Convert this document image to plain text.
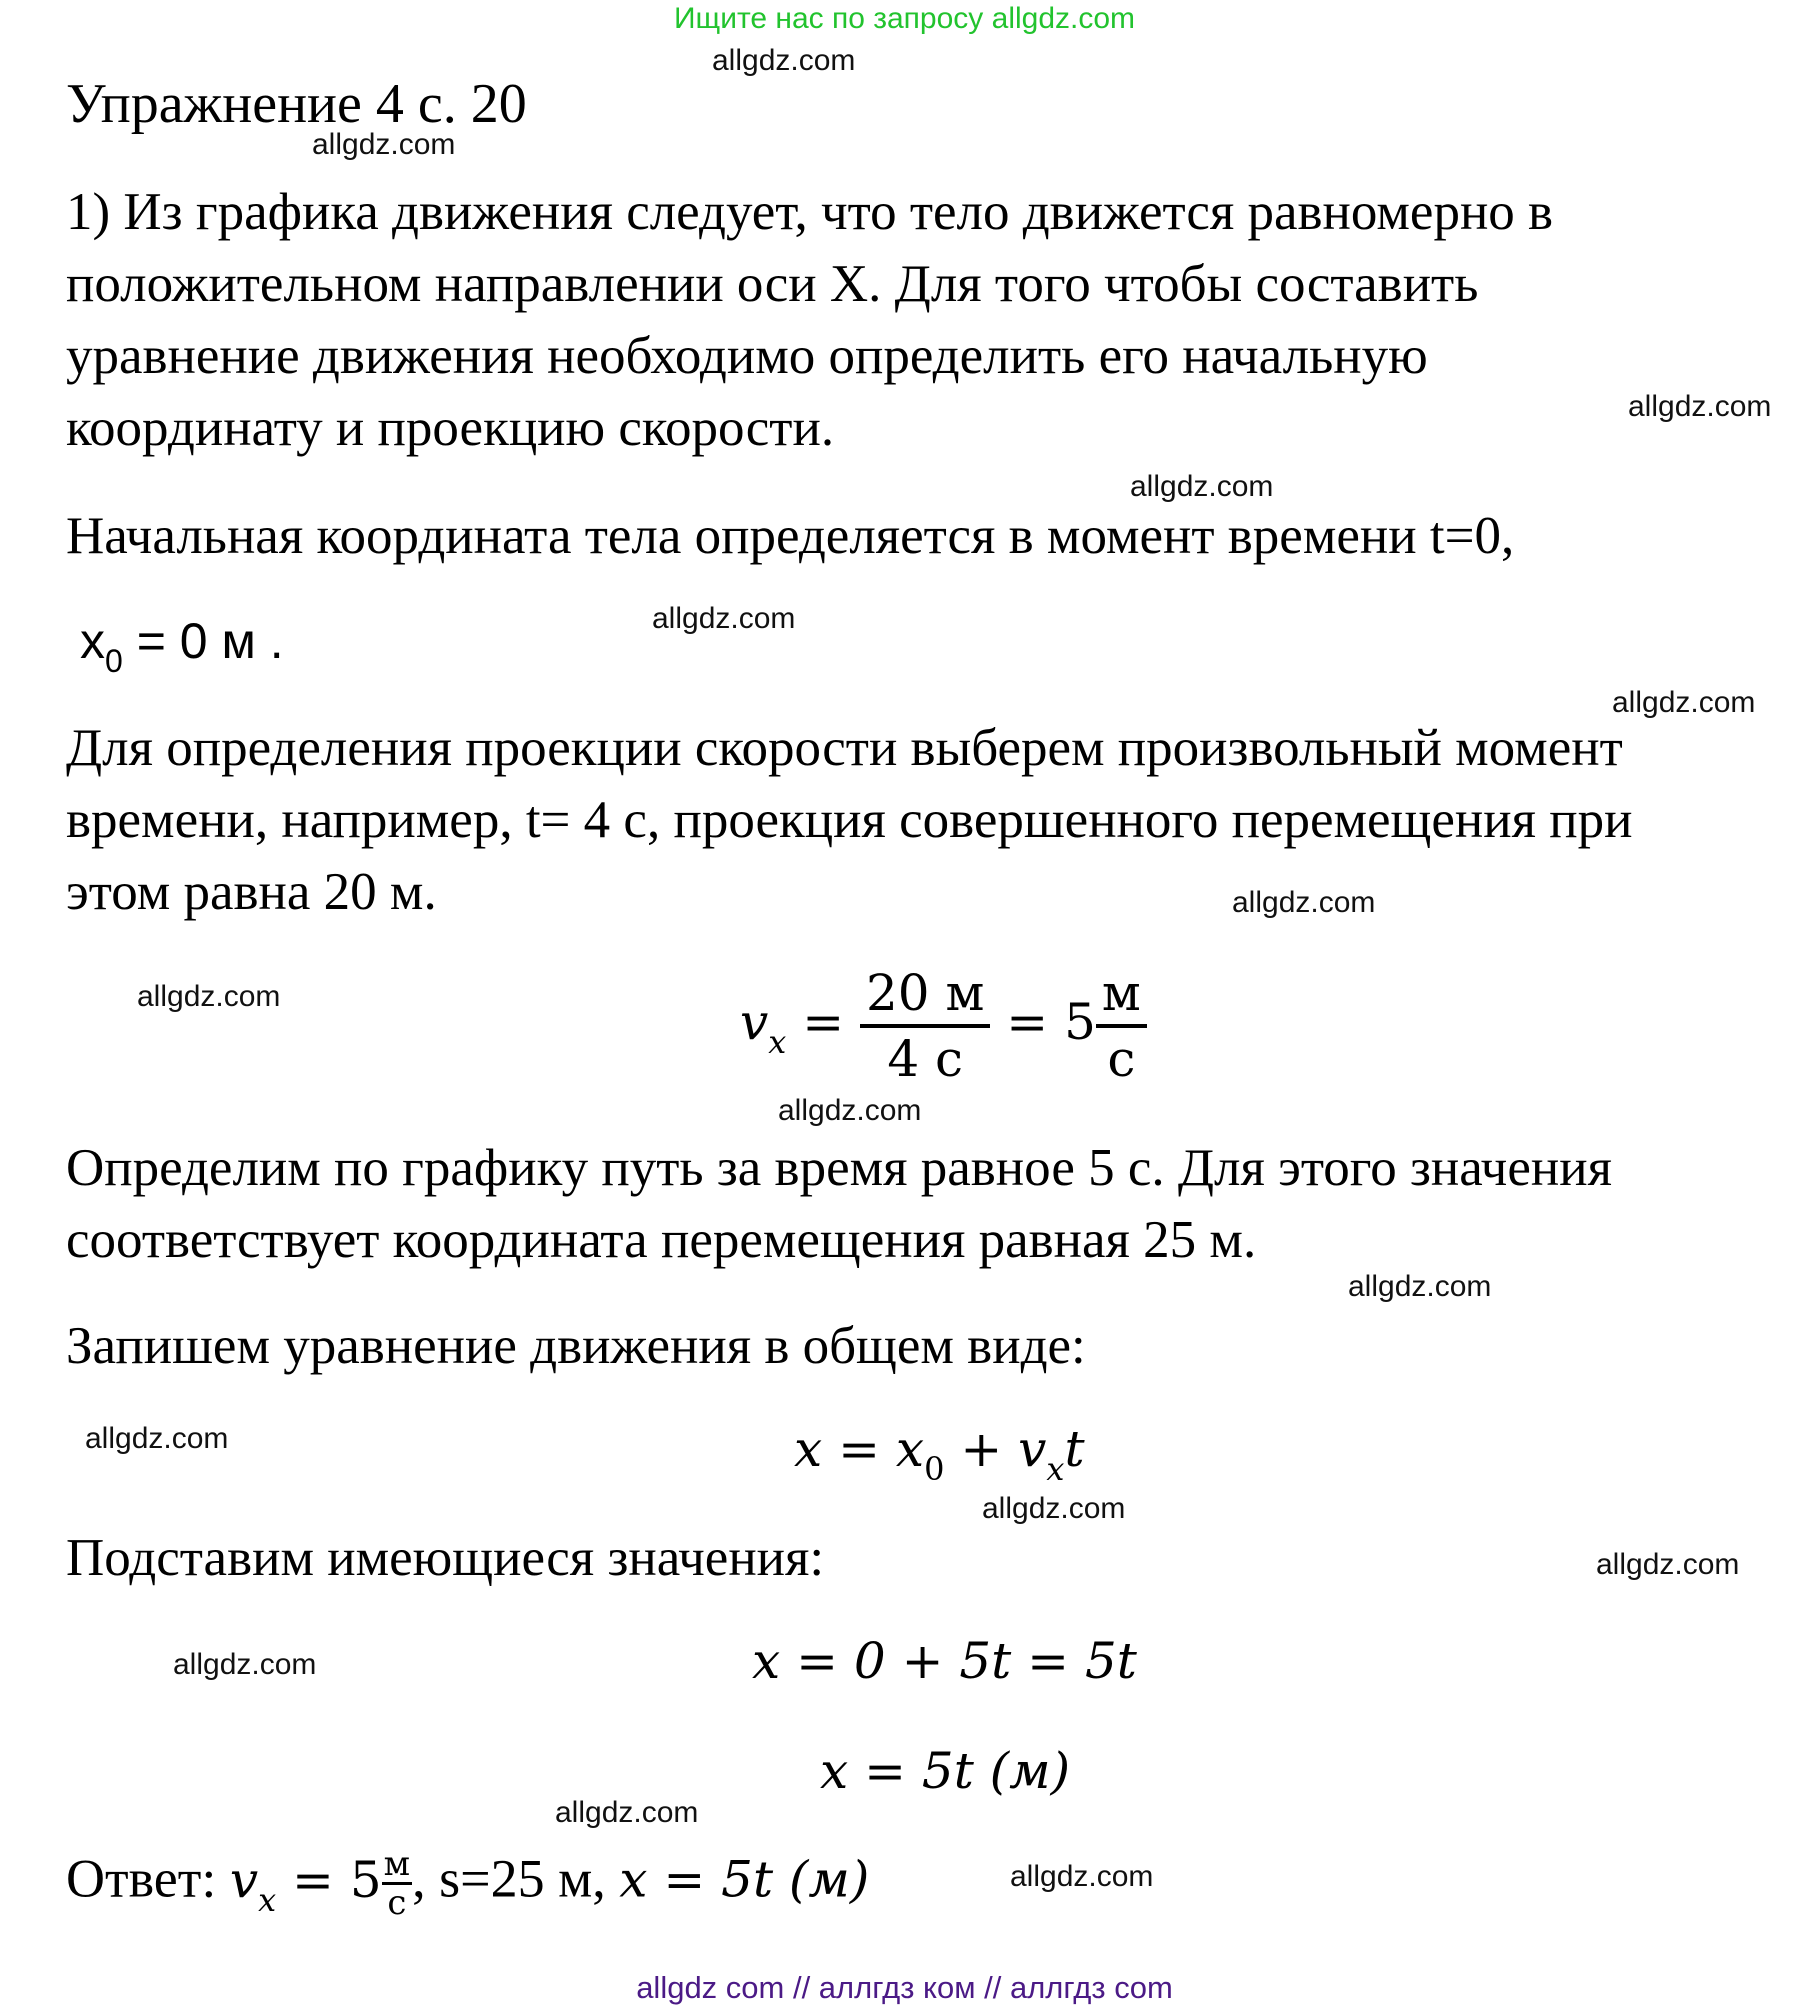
Ищите нас по запросу allgdz.com
Упражнение 4 с. 20
1) Из графика движения следует, что тело движется равномерно в
положительном направлении оси X. Для того чтобы составить
уравнение движения необходимо определить его начальную
координату и проекцию скорости.
Начальная координата тела определяется в момент времени t=0,
$x_0 = 0$ м .
Для определения проекции скорости выберем произвольный момент
времени, например, t= 4 с, проекция совершенного перемещения при
этом равна 20 м.
$v_x = \frac{20 м}{4 с} = 5 \frac{м}{с}$
Определим по графику путь за время равное 5 с. Для этого значения
соответствует координата перемещения равная 25 м.
Запишем уравнение движения в общем виде:
$x = x_0 + v_xt$
Подставим имеющиеся значения:
x = 0 + 5t = 5t
x = 5t (м)
Ответ: $v_x = 5 \frac{м}{с}$ , s=25 м, x = 5t (м)
allgdz.com
allgdz.com
allgdz.com
allgdz.com
allgdz.com
allgdz.com
allgdz.com
allgdz.com
allgdz.com
allgdz.com
allgdz.com
allgdz.com
allgdz.com
allgdz.com
allgdz.com
allgdz.com
allgdz com // аллгдз ком // аллгдз com
